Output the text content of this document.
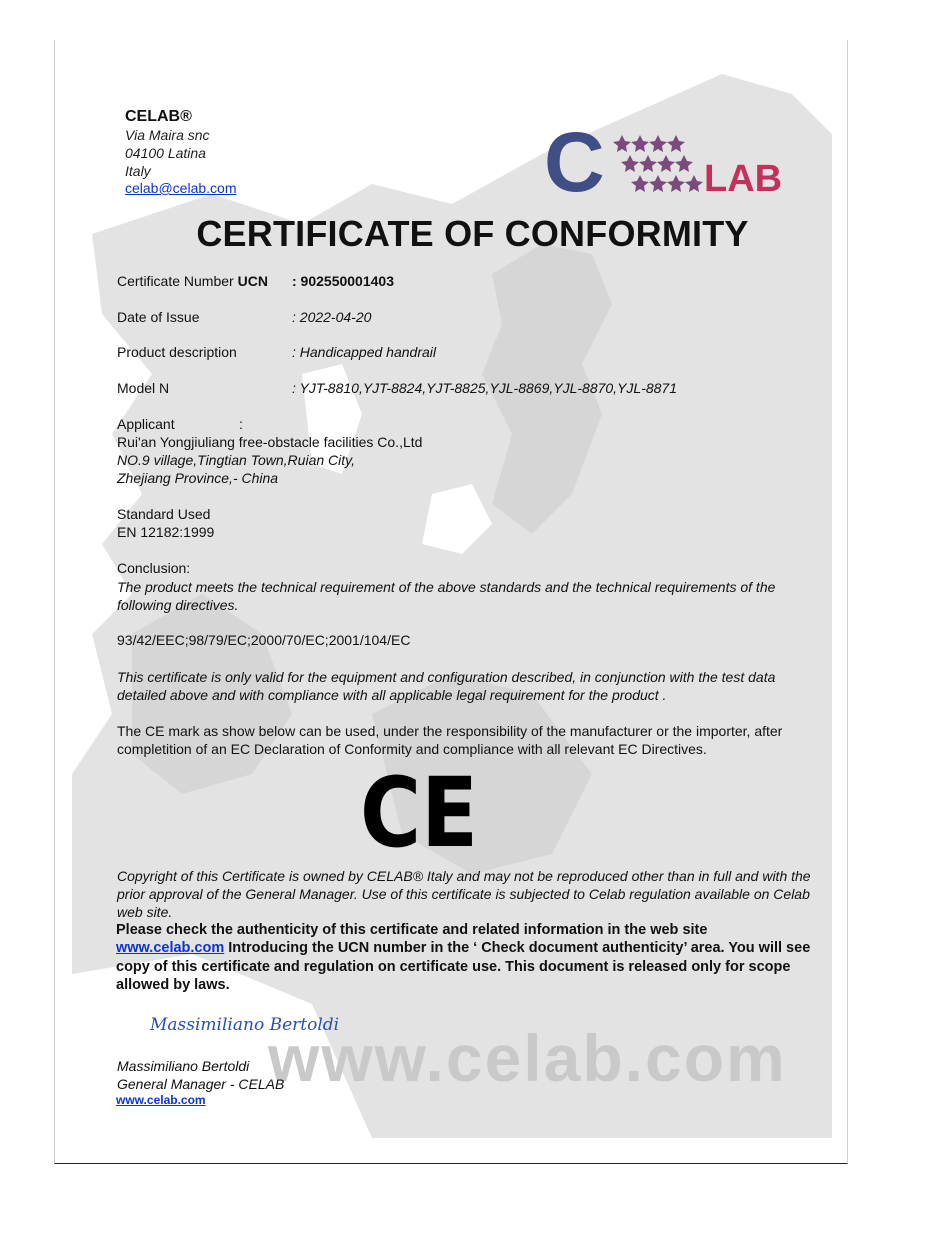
CELAB®
Via Maira snc
04100 Latina
Italy
celab@celab.com	C	LAB
CERTIFICATE OF CONFORMITY
Certificate Number UCN : 902550001403
Date of Issue	: 2022-04-20
Product description	: Handicapped handrail
Model N	: YJT-8810,YJT-8824,YJT-8825,YJL-8869,YJL-8870,YJL-8871
Applicant	:
Rui'an Yongjiuliang free-obstacle facilities Co.,Ltd
NO.9 village,Tingtian Town,Ruian City,
Zhejiang Province,- China
Standard Used
EN 12182:1999
Conclusion:
The product meets the technical requirement of the above standards and the technical requirements of the following directives.
93/42/EEC;98/79/EC;2000/70/EC;2001/104/EC
This certificate is only valid for the equipment and configuration described, in conjunction with the test data detailed above and with compliance with all applicable legal requirement for the product .
The CE mark as show below can be used, under the responsibility of the manufacturer or the importer, after completition of an EC Declaration of Conformity and compliance with all relevant EC Directives.
CE
Copyright of this Certificate is owned by CELAB® Italy and may not be reproduced other than in full and with the prior approval of the General Manager. Use of this certificate is subjected to Celab regulation available on Celab web site.
Please check the authenticity of this certificate and related information in the web site
www.celab.com Introducing the UCN number in the ‘ Check document authenticity’ area. You will see copy of this certificate and regulation on certificate use. This document is released only for scope allowed by laws.
Massimiliano Bertoldi
www.celab.com
Massimiliano Bertoldi
General Manager - CELAB
www.celab.com
